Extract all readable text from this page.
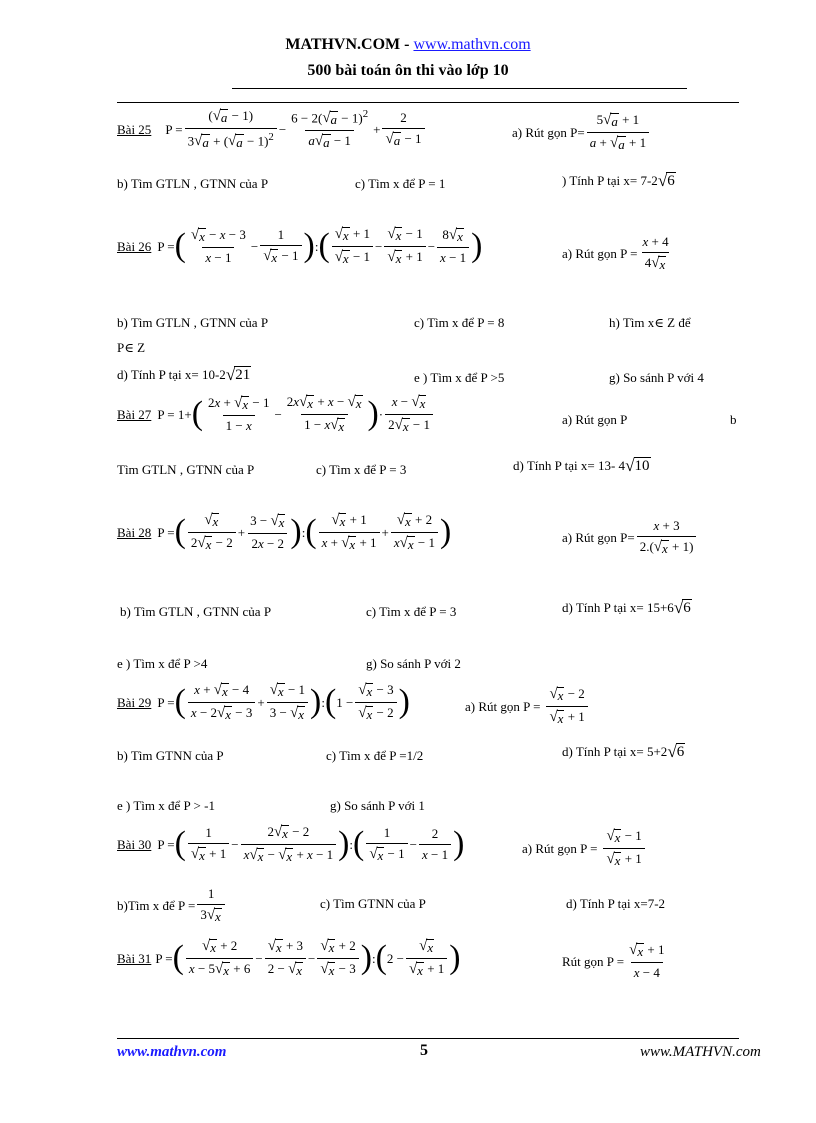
MATHVN.COM - www.mathvn.com
500 bài toán ôn thi vào lớp 10
Bài 25 $P = \frac{( √ a - 1)}{3 √ a + ( √ a - 1)^2} - \frac{6 - 2( √ a - 1)^2}{a √ a - 1} + \frac{2}{√ a - 1}$	a) Rút gọn $P= \frac{5 √ a + 1}{a + √ a + 1}$
b) Tìm GTLN , GTNN của P	c) Tìm x để P = 1	) Tính P tại x= 7-2 √ 6
Bài 26 P = ( $\frac{√ x - x - 3}{x - 1} - \frac{1}{√ x - 1}$ ) : ( $\frac{√ x + 1}{√ x - 1} - \frac{√ x - 1}{√ x + 1} - \frac{8 √ x}{x - 1}$ )	a) Rút gọn $P = \frac{x + 4}{4 √ x}$
b) Tìm GTLN , GTNN của P	c) Tìm x để P = 8	h) Tìm x∈ Z để
P∈ Z
d) Tính P tại x= 10-2 √ 21	e ) Tìm x để P >5	g) So sánh P với 4
Bài 27 P = 1+ ( $\frac{2x + √ x - 1}{1 - x} - \frac{2x √ x + x - √ x}{1 - x √ x}$ ) · $\frac{x - √ x}{2 √ x - 1}$	a) Rút gọn P	b
Tìm GTLN , GTNN của P	c) Tìm x để P = 3	d) Tính P tại x= 13- 4 √ 10
Bài 28 P = ( $\frac{√ x}{2 √ x - 2} + \frac{3 - √ x}{2x - 2}$ ) : ( $\frac{√ x + 1}{x + √ x + 1} + \frac{√ x + 2}{x √ x - 1}$ )	a) Rút gọn $P= \frac{x + 3}{2.( √ x + 1)}$
b) Tìm GTLN , GTNN của P	c) Tìm x để P = 3	d) Tính P tại x= 15+6 √ 6
e ) Tìm x để P >4	g) So sánh P với 2
Bài 29 P = ( $\frac{x + √ x - 4}{x - 2 √ x - 3} + \frac{√ x - 1}{3 - √ x}$ ) : ( $1 - \frac{√ x - 3}{√ x - 2}$ )	a) Rút gọn $P = \frac{√ x - 2}{√ x + 1}$
b) Tìm GTNN của P	c) Tìm x để P =1/2	d) Tính P tại x= 5+2 √ 6
e ) Tìm x để P > -1	g) So sánh P với 1
Bài 30 P = ( $\frac{1}{√ x + 1} - \frac{2 √ x - 2}{x √ x - √ x + x - 1}$ ) : ( $\frac{1}{√ x - 1} - \frac{2}{x - 1}$ )	a) Rút gọn $P = \frac{√ x - 1}{√ x + 1}$
b)Tìm x để $P = \frac{1}{3 √ x}$	c) Tìm GTNN của P	d) Tính P tại x=7-2
Bài 31 P = ( $\frac{√ x + 2}{x - 5 √ x + 6} - \frac{√ x + 3}{2 - √ x} - \frac{√ x + 2}{√ x - 3}$ ) : ( $2 - \frac{√ x}{√ x + 1}$ )	Rút gọn $P = \frac{√ x + 1}{x - 4}$
www.mathvn.com	5	www.MATHVN.com
